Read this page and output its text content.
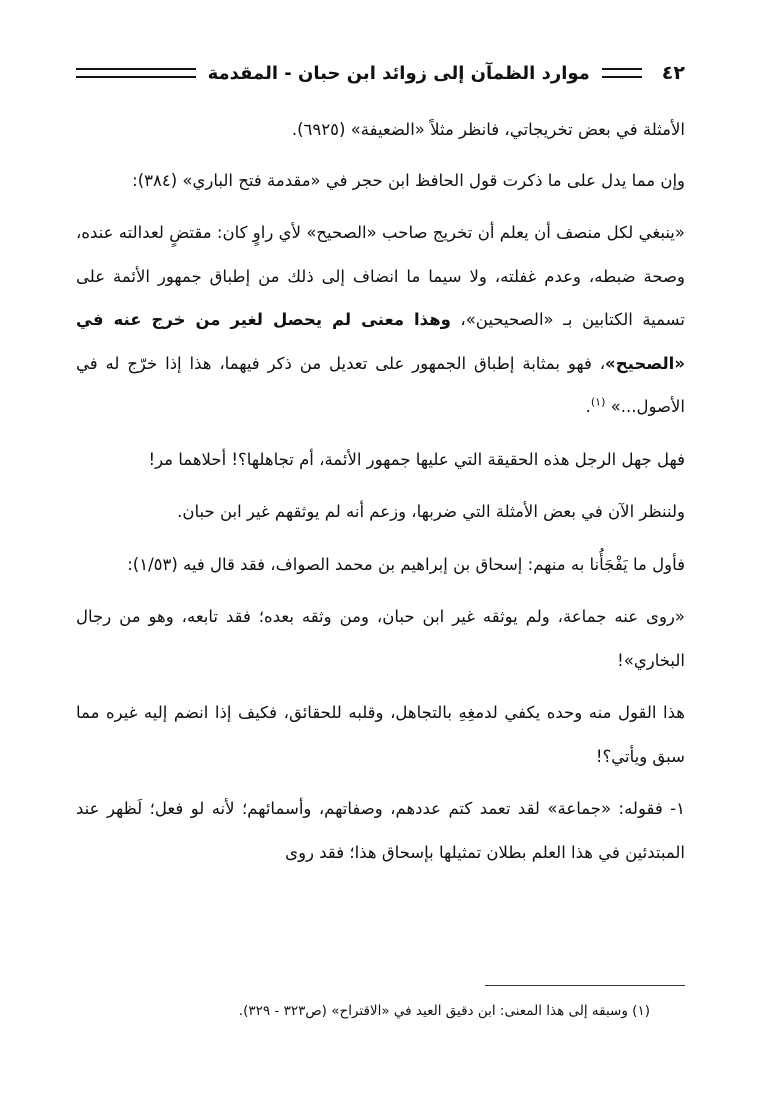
٤٢
موارد الظمآن إلى زوائد ابن حبان - المقدمة

الأمثلة في بعض تخريجاتي، فانظر مثلاً «الضعيفة» (٦٩٢٥).

وإن مما يدل على ما ذكرت قول الحافظ ابن حجر في «مقدمة فتح الباري» (٣٨٤):

«ينبغي لكل منصف أن يعلم أن تخريج صاحب «الصحيح» لأي راوٍ كان: مقتضٍ لعدالته عنده، وصحة ضبطه، وعدم غفلته، ولا سيما ما انضاف إلى ذلك من إطباق جمهور الأئمة على تسمية الكتابين بـ «الصحيحين»، وهذا معنى لم يحصل لغير من خرج عنه في «الصحيح»، فهو بمثابة إطباق الجمهور على تعديل من ذكر فيهما، هذا إذا خرّج له في الأصول...» $^{(١)}$.

فهل جهل الرجل هذه الحقيقة التي عليها جمهور الأئمة، أم تجاهلها؟! أحلاهما مر!

ولننظر الآن في بعض الأمثلة التي ضربها، وزعم أنه لم يوثقهم غير ابن حبان.

فأول ما يَفْجَأُنا به منهم: إسحاق بن إبراهيم بن محمد الصواف، فقد قال فيه (١/٥٣):

«روى عنه جماعة، ولم يوثقه غير ابن حبان، ومن وثقه بعده؛ فقد تابعه، وهو من رجال البخاري»!

هذا القول منه وحده يكفي لدمغِهِ بالتجاهل، وقلبه للحقائق، فكيف إذا انضم إليه غيره مما سبق ويأتي؟!

١- فقوله: «جماعة» لقد تعمد كتم عددهم، وصفاتهم، وأسمائهم؛ لأنه لو فعل؛ لَظهر عند المبتدئين في هذا العلم بطلان تمثيلها بإسحاق هذا؛ فقد روى

(١) وسبقه إلى هذا المعنى: ابن دقيق العيد في «الاقتراح» (ص٣٢٣ - ٣٢٩).
